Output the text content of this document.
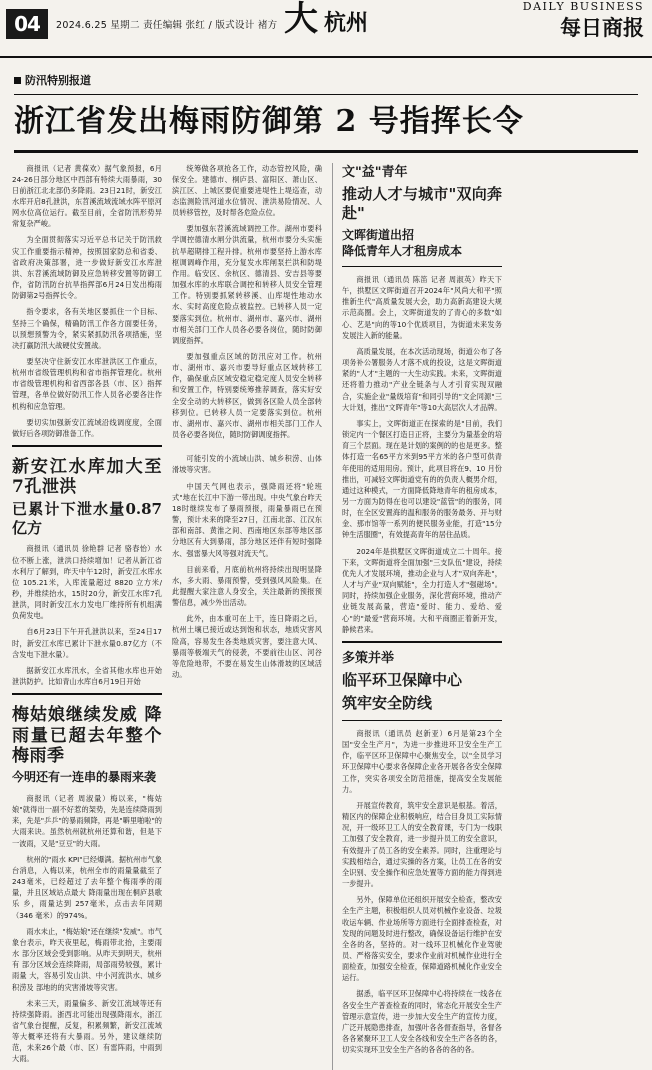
04	2024.6.25 星期二 责任编辑 张红 / 版式设计 褚方 大 杭州
DAILY BUSINESS
每日商报
防汛特别报道
浙江省发出梅雨防御第 2 号指挥长令

商报讯（记者 黄葆欢）据气象预报，6月24-26日部分地区中西部有特续大雨暴雨，30日前浙江北北部仍多降雨。23日21时，新安江水库开启8孔泄洪，东苕溪流域流域水阵平原河网水位高位运行。截至目前，全省防汛形势异常复杂严峻。

为全面贯彻落实习近平总书记关于防汛救灾工作重要指示精神，按照国家防总和省委、省政府决策部署，进一步做好新安江水库泄洪、东苕溪流域防御及应急转移安置等防御工作，省防汛防台抗旱指挥部6月24日发出梅雨防御第2号指挥长令。

指令要求，各有关地区要抓住一个目标、坚持三个确保，精确防汛工作各方面要任务，以预想预警为令，紧实紧抓防汛各项措施，坚决打赢防汛大战硬仗安置战。

要坚决守住新安江水库泄洪区工作重点，杭州市省级管理机构和省市指挥管理化。杭州市省级管理机构和省西部各县（市、区）指挥管理，各单位做好防汛工作人员各必要各注作机构和应急管理。

要切实加强新安江流域沿线调度度，全面做好后各项防御准备工作。

新安江水库加大至7孔泄洪
已累计下泄水量0.87亿方

商报讯（通讯员 徐艳群 记者 骆春怡）水位不断上涨，泄洪口持续增加！记者从新江省水利厅了解到，昨天中午12时，新安江水库水位 105.21米，入库流量超过 8820 立方米/秒，并维续抬水，15时20分，新安江水库7孔泄洪，同时新安江水力发电厂维持所有机组满负荷发电。

自6月23日下午开孔泄洪以来，至24日17时，新安江水库已累计下泄水量0.87亿方（不含发电下泄水量）。

据新安江水库汛水，全省其他水库也开始泄洪防护。比如青山水库自6月19日开始

梅姑娘继续发威 降雨量已超去年整个梅雨季
今明还有一连串的暴雨来袭

商报讯（记者 周淑量）梅以来，"梅姑娘"就得出一副不好惹的架势，先是连续降雨到来，先是"乒乒"的暴雨频降，再是"噼里啪啦"的大雨来诀。虽然杭州就杭州还算和谐，但是下一波雨，又是"豆豆"的大雨。

杭州的"雨水 KPI"已经爆满。据杭州市气象台消息，入梅以来，杭州全市的雨量量截至了243毫米，已经超过了去年整个梅雨季的雨量，并且区域站点最大 降雨量出现在桐庐县歌乐 乡，雨量达到 257毫米，点击去年同期（346 毫米）的974%。

雨水未止，"梅姑娘"还在继续"发威"。市气象台表示，昨天夜里起，梅雨带北抬，主要雨水 部分区域会受到影响。从昨天到明天，杭州有 部分区域会连续降雨，局部雨势较强，累计雨量 大，容易引发山洪、中小河流洪水、城乡积涝及 部地的的灾害滑坡等灾害。

未来三天，雨量偏多、新安江流域等还有持续强降雨。浙西北可能出现强降雨水，浙江省气象台提醒，反复，积累频繁，新安江流域等大概率还将有大暴雨。另外，建议继续防范，未来26个最（市、区）有雷阵雨，中雨到大雨。

统筹做各项抢各工作，动态管控风险，确保安全。建德市、桐庐县、富阳区、萧山区、滨江区、上城区要促重要进堤性上堤巡查，动态监测险汛河道水位情况、泄洪易险情况、人员转移管控，及时帮各危险点位。

要加强东苕溪流域调控工作。湖州市要科学调控德清水闸分洪流量，杭州市要分头实施抗旱超期排工程升排。杭州市要坚持上游水库枢调调峰作用，充分复发水库闸泵拦洪和防堤作用。临安区、余杭区、德清县、安吉县等要加强水库的水库联合调控和转移人员安全管理工作。特别要抓紧转移溪、山库堤性地动水水、实时高度危险点被监控。已转移人员一定要落实到位。杭州市、湖州市、嘉兴市、湖州市相关部门工作人员各必要各岗位，随时防御调度指挥。

要加强重点区域的防汛应对工作。杭州市、湖州市、嘉兴市要导好重点区域转移工作，确保重点区域安稳定稳定度人员安全转移和安置工作，特别要统筹推荐调查，落实好安全安全动的大转移区，做到各区险人员全部转移到位。已转移人员一定要落实到位。杭州市、湖州市、嘉兴市、湖州市相关部门工作人员各必要各岗位，随时防御调度指挥。

可能引发的小流域山洪、城乡积涝、山体滑坡等灾害。

中国天气网也表示，强降雨还将"轮班式"地在长江中下游一带出现。中央气象台昨天18时继续发布了暴雨预报，雨量暴雨已在预警，预计未来的降至27日，江南北部、江汉东部和南部、黄淮之间、西南地区东部等地区部分地区有大到暴雨，部分地区还伴有短时强降水、强雷暴大风等强对流天气。

目前来看，月底前杭州将持续出现明显降水，多大雨、暴雨预警，受到强风风险集。在此提醒大家注意人身安全，关注最新的预报预警信息，减少外出活动。

此外，由本重可在上干，连日降雨之后，杭州土壤已接近或达到饱和状态，地质灾害风险高，容易发生各类地质灾害，要注意大风、暴雨等极端天气的侵袭，不要前往山区、河谷等危险地带，不要在易发生山体滑坡的区域活动。

文"益"青年
推动人才与城市"双向奔赴"
文晖街道出招
降低青年人才租房成本

商报讯（通讯员 陈笛 记者 周淑英）昨天下午，拱墅区文晖街道召开2024年"风尚大和平"照推新生代"高质量发展大会，助力高新高建设大规示范高圈。会上，文晖街道发的了青心的多数"如心、艺是"向的等10个优质项目，为街道未来发务发展注入新的能量。

高质量发展，在本次活动现场，街道公布了各项务补公署服务人才落不成的投设，这是文晖街道紧的"人才"主题的一大生动实践。未来，文晖街道还将着力推动"产业全链条与人才引育实现双融合，实施企业"量级培育"和同引导的"文企同源"三大计划，推出"文晖青年"等10大高层次人才品牌。

事实上，文晖街道正在探索的是"目前，我们锁定内一个餐区打造日正将，主要分为量基金的培育三个层面。现在是计划的案例的的也是更多。整体打造一名65平方米到95平方米的各户型可供青年使用的适用用房。预计，此项目将在9、10 月份推出，可减轻文晖街道党有的的负责人概男介绍，通过这种模式，一方面降低降地青年的租房成本，另一方面为防得在也可以建设"蓝管"的的服务，同时，在全区安置海的温和服务的服务最务、开与财金、那市馆等一系列的便民服务业能，打造"15分钟生活服圈"，有效提高青年的居住品质。

2024年是拱墅区文晖街道成立二十周年。接下来，文晖街道将全面加强"三支队伍"建设，持续优先人才发展环境，推动企业与人才"双向奔赴"，人才与产业"双向赋能"，全力打造人才"强磁场"。同时，持续加强企业服务，深化营商环境，推动产业链发展高量，营造"爱时、能力、爱给、爱心"的"最爱"营商环境。大和平商圈正着新开发，静候君来。

多策并举
临平环卫保障中心
筑牢安全防线

商报讯（通讯员 赵新亚）6月是第23个全国"安全生产月"，为进一步推进环卫安全生产工作，临平区环卫保障中心聚焦安全，以"全员学习环卫保障中心要求各保障企业各开展各各安全保障工作，突实各项安全防范措施，提高安全发展能力。

开展宣传教育，筑牢安全意识是根基。着活，精区内的保障企业积极响应，结合目身员工实际情况，开一级环卫工人的安全教育课，专门为一线职工加强了安全教育，进一步提升员工的安全意识，有效提升了员工各的安全素养。同时，注重理论与实践相结合，通过实操的各方案，让员工在各的安全识别、安全操作和应急处置等方面的能力得到进一步提升。

另外，保障单位还组织开展安全检查，整改安全生产主题，积极组织人员对机械作业设备、垃圾收运车辆、作业场所等方面进行全面排查检查，对发现的问题及时进行整改，确保设备运行维护在安全各的各，坚持的。对一线环卫机械化作业驾驶员、严格落实安全，要求作业前对机械作业进行全面检查，加强安全检查，保障道路机械化作业安全运行。

据悉，临平区环卫保障中心将持续在一线各在各安全生产普查检查的同时，常态化开展安全生产管理示意宣传，进一步加大安全生产的宣传力度，广泛开展隐患排查，加强叶各各督查指导，各督各各各紧聚环卫工人安全各线和安全生产各各的各，切实实现环卫安全生产各的各各的各的各。
